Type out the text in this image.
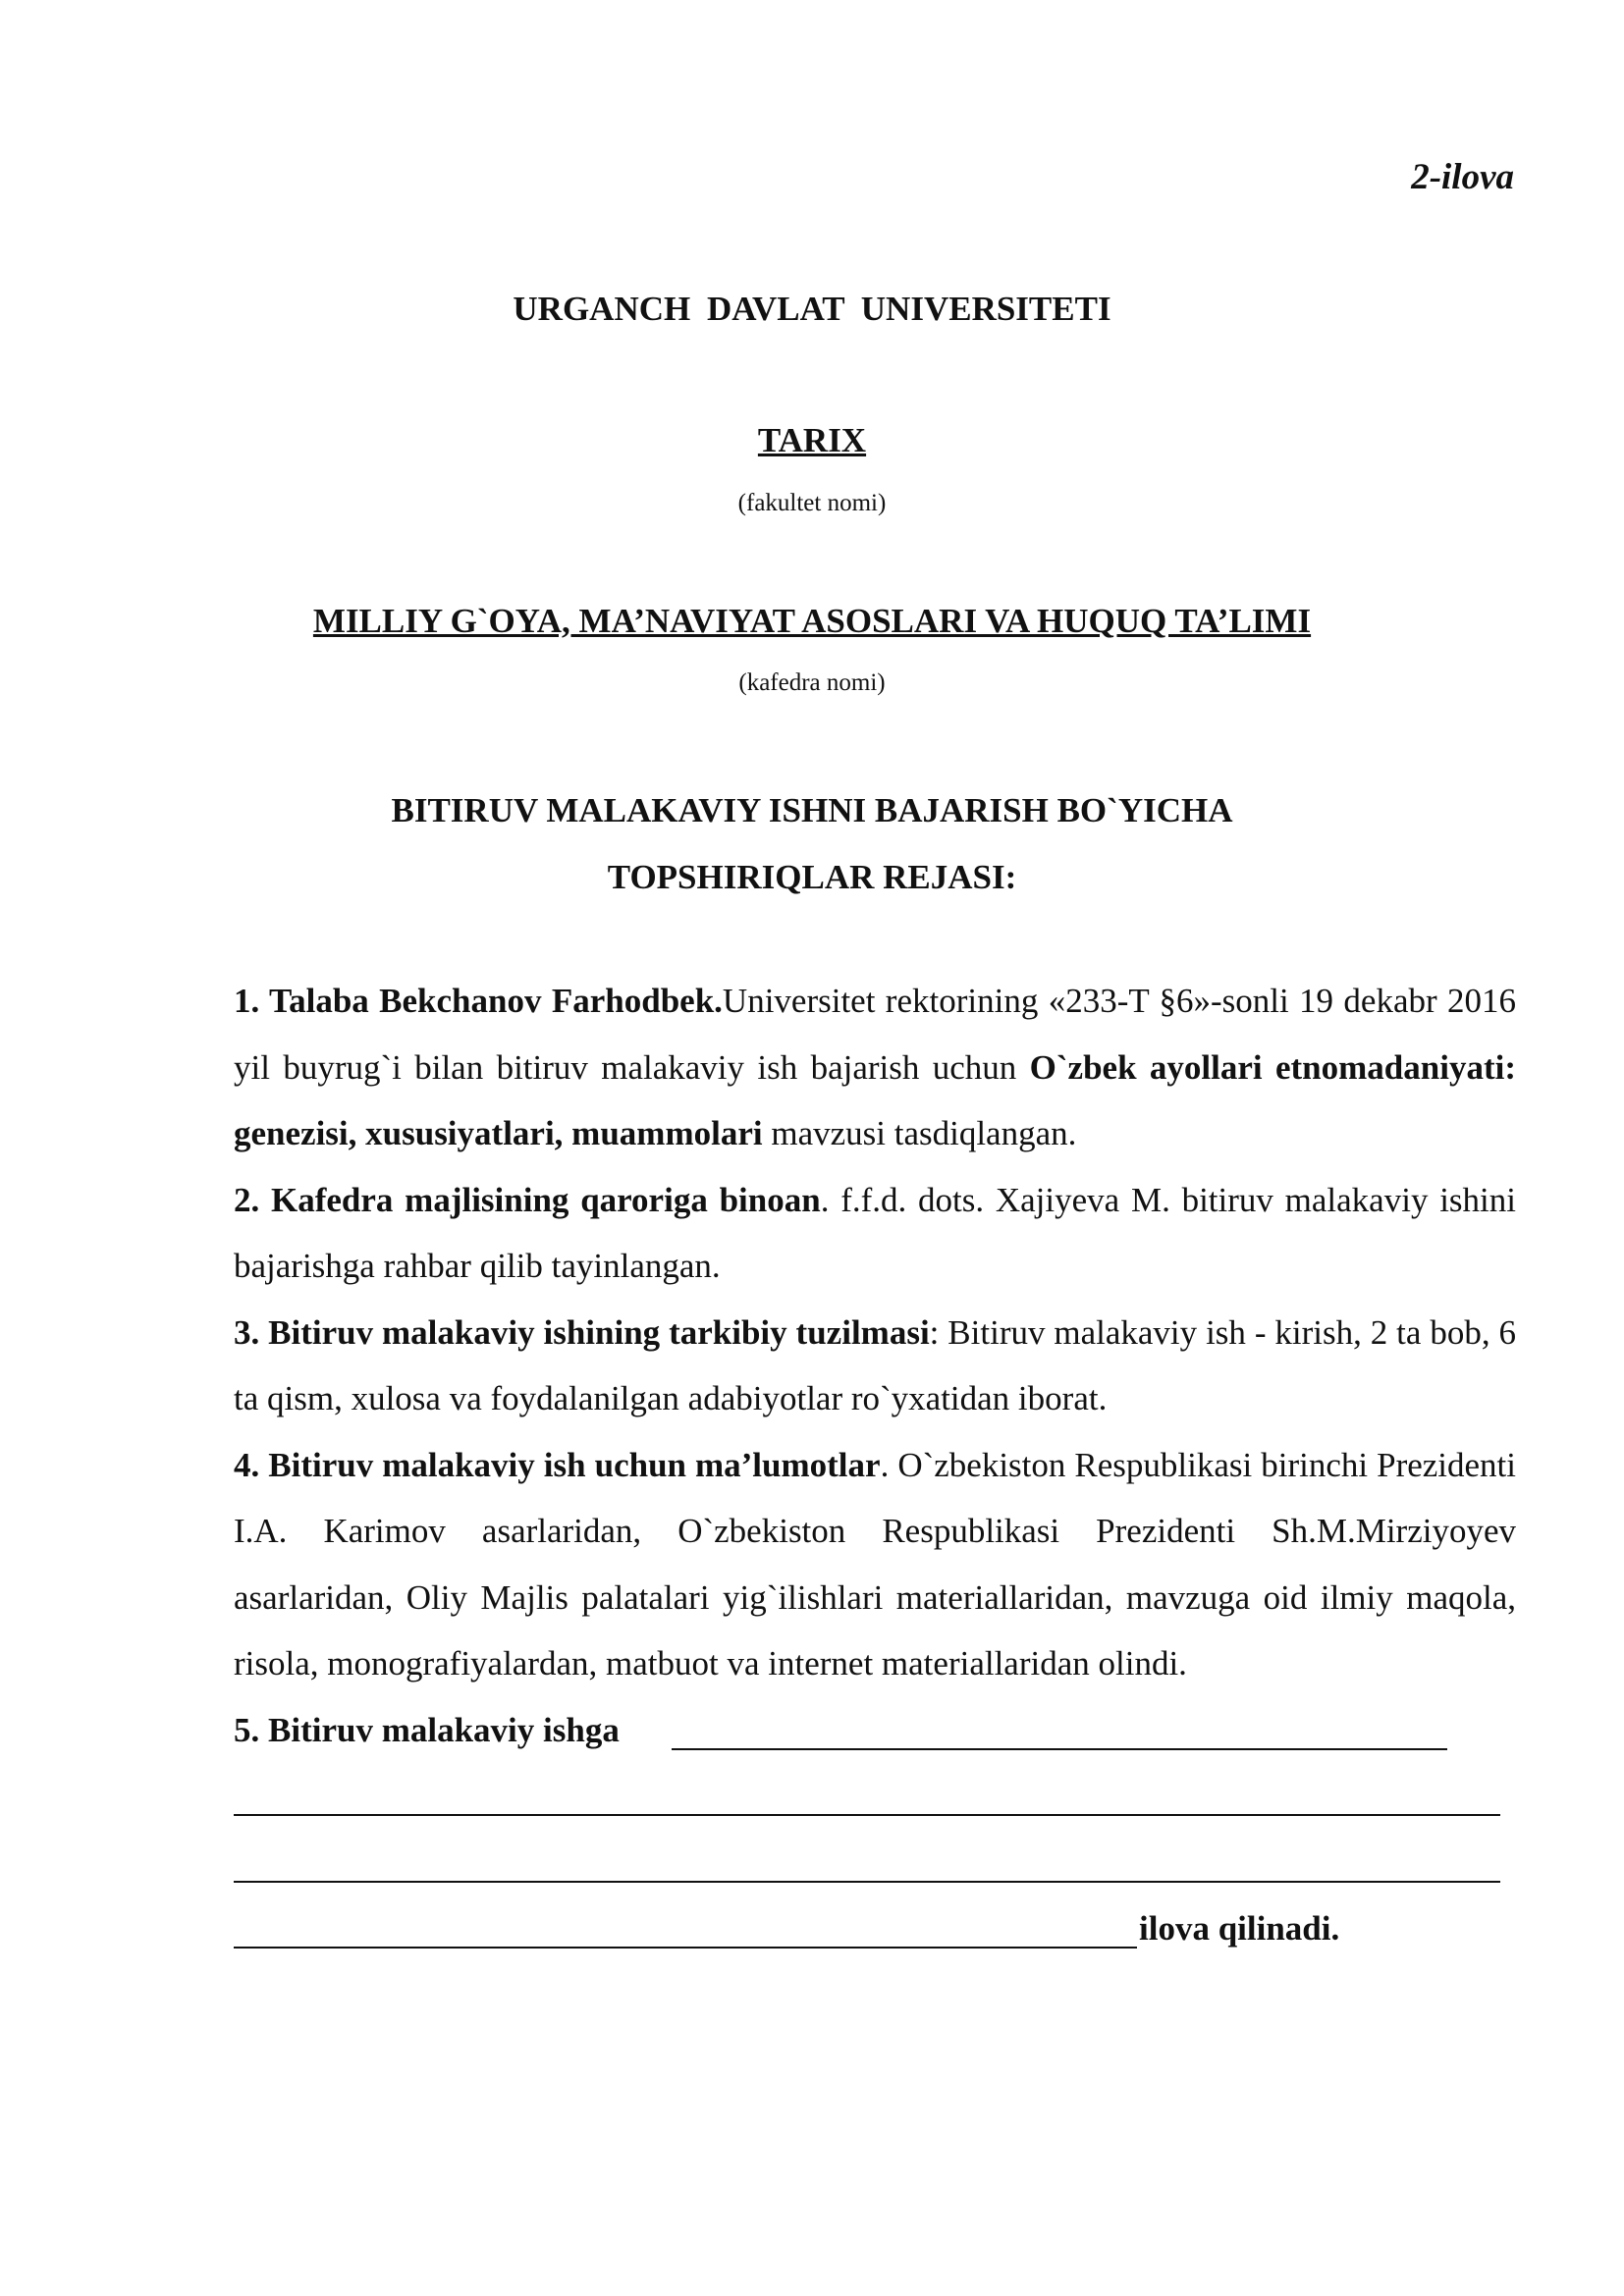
2-ilova
URGANCH DAVLAT UNIVERSITETI
TARIX
(fakultet nomi)
MILLIY G`OYA, MA’NAVIYAT ASOSLARI VA HUQUQ TA’LIMI
(kafedra nomi)
BITIRUV MALAKAVIY ISHNI BAJARISH BO`YICHA
TOPSHIRIQLAR REJASI:

1. Talaba Bekchanov Farhodbek.Universitet rektorining «233-T §6»-sonli 19 dekabr 2016 yil buyrug`i bilan bitiruv malakaviy ish bajarish uchun O`zbek ayollari etnomadaniyati: genezisi, xususiyatlari, muammolari mavzusi tasdiqlangan.

2. Kafedra majlisining qaroriga binoan. f.f.d. dots. Xajiyeva M. bitiruv malakaviy ishini bajarishga rahbar qilib tayinlangan.

3. Bitiruv malakaviy ishining tarkibiy tuzilmasi: Bitiruv malakaviy ish - kirish, 2 ta bob, 6 ta qism, xulosa va foydalanilgan adabiyotlar ro`yxatidan iborat.

4. Bitiruv malakaviy ish uchun ma’lumotlar. O`zbekiston Respublikasi birinchi Prezidenti I.A. Karimov asarlaridan, O`zbekiston Respublikasi Prezidenti Sh.M.Mirziyoyev asarlaridan, Oliy Majlis palatalari yig`ilishlari materiallaridan, mavzuga oid ilmiy maqola, risola, monografiyalardan, matbuot va internet materiallaridan olindi.

5. Bitiruv malakaviy ishga
ilova qilinadi.
